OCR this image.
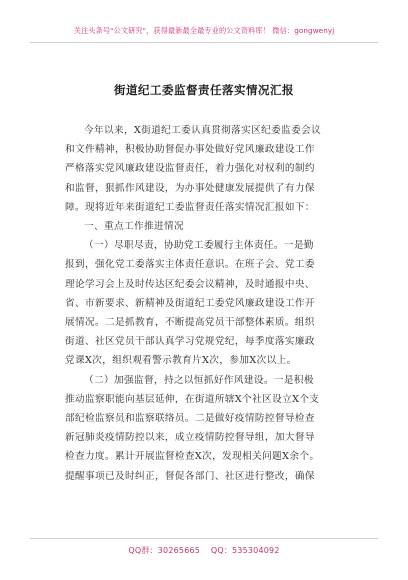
关注头条号"公文研究"，获得最新最全最专业的公文资料库！ 微信：gongwenyj
街道纪工委监督责任落实情况汇报
今年以来，X街道纪工委认真贯彻落实区纪委监委会议
和文件精神，积极协助督促办事处做好党风廉政建设工作
严格落实党风廉政建设监督责任，着力强化对权利的制约
和监督，狠抓作风建设，为办事处健康发展提供了有力保
障。现将近年来街道纪工委监督责任落实情况汇报如下：
一、重点工作推进情况
（一）尽职尽责，协助党工委履行主体责任。一是勤
报到，强化党工委落实主体责任意识。在班子会、党工委
理论学习会上及时传达区纪委会议精神，及时通报中央、
省、市新要求、新精神及街道纪工委党风廉政建设工作开
展情况。二是抓教育，不断提高党员干部整体素质。组织
街道、社区党员干部认真学习党规党纪，每季度落实廉政
党课X次，组织观看警示教育片X次，参加X次以上。
（二）加强监督，持之以恒抓好作风建设。一是积极
推动监察职能向基层延伸，在街道所辖X个社区设立X个支
部纪检监察员和监察联络员。二是做好疫情防控督导检查
新冠肺炎疫情防控以来，成立疫情防控督导组，加大督导
检查力度。累计开展监督检查X次，发现相关问题X余个。
提醒事项已及时纠正，督促各部门、社区进行整改，确保
QQ群：30265665 QQ：535304092
